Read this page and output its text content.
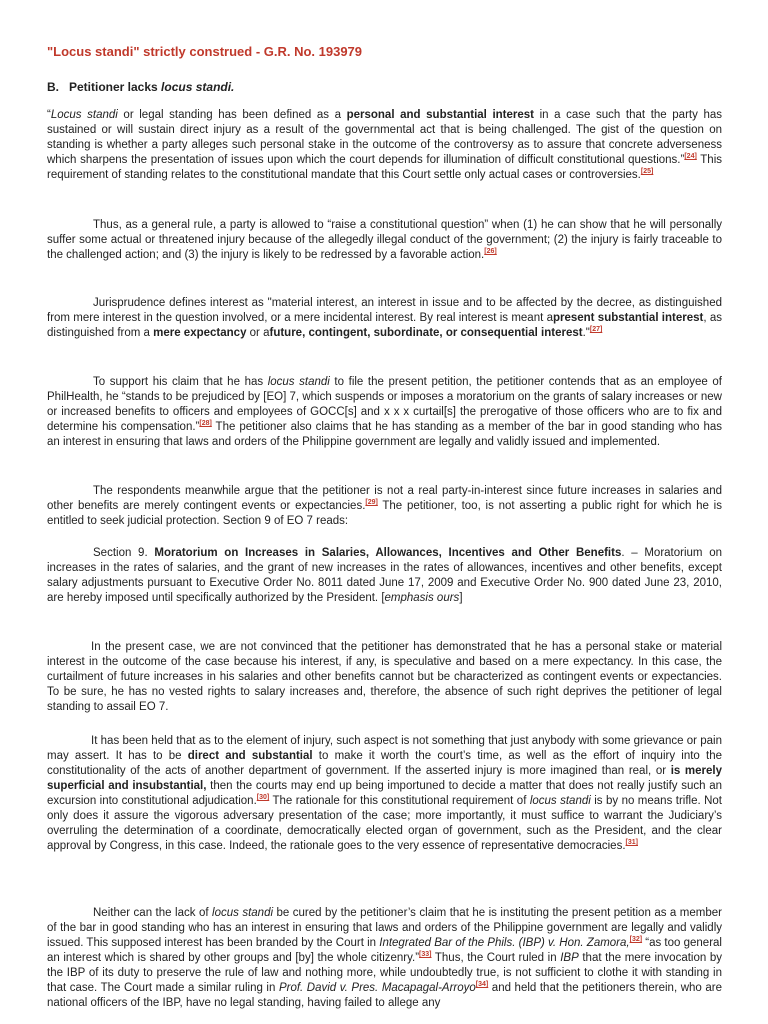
"Locus standi" strictly construed - G.R. No. 193979
B.   Petitioner lacks locus standi.

“Locus standi or legal standing has been defined as a personal and substantial interest in a case such that the party has sustained or will sustain direct injury as a result of the governmental act that is being challenged. The gist of the question on standing is whether a party alleges such personal stake in the outcome of the controversy as to assure that concrete adverseness which sharpens the presentation of issues upon which the court depends for illumination of difficult constitutional questions.”[24] This requirement of standing relates to the constitutional mandate that this Court settle only actual cases or controversies.[25]

Thus, as a general rule, a party is allowed to “raise a constitutional question” when (1) he can show that he will personally suffer some actual or threatened injury because of the allegedly illegal conduct of the government; (2) the injury is fairly traceable to the challenged action; and (3) the injury is likely to be redressed by a favorable action.[26]

Jurisprudence defines interest as "material interest, an interest in issue and to be affected by the decree, as distinguished from mere interest in the question involved, or a mere incidental interest. By real interest is meant apresent substantial interest, as distinguished from a mere expectancy or afuture, contingent, subordinate, or consequential interest."[27]

To support his claim that he has locus standi to file the present petition, the petitioner contends that as an employee of PhilHealth, he “stands to be prejudiced by [EO] 7, which suspends or imposes a moratorium on the grants of salary increases or new or increased benefits to officers and employees of GOCC[s] and x x x curtail[s] the prerogative of those officers who are to fix and determine his compensation.”[28] The petitioner also claims that he has standing as a member of the bar in good standing who has an interest in ensuring that laws and orders of the Philippine government are legally and validly issued and implemented.

The respondents meanwhile argue that the petitioner is not a real party-in-interest since future increases in salaries and other benefits are merely contingent events or expectancies.[29] The petitioner, too, is not asserting a public right for which he is entitled to seek judicial protection. Section 9 of EO 7 reads:

Section 9. Moratorium on Increases in Salaries, Allowances, Incentives and Other Benefits. – Moratorium on increases in the rates of salaries, and the grant of new increases in the rates of allowances, incentives and other benefits, except salary adjustments pursuant to Executive Order No. 8011 dated June 17, 2009 and Executive Order No. 900 dated June 23, 2010, are hereby imposed until specifically authorized by the President. [emphasis ours]

In the present case, we are not convinced that the petitioner has demonstrated that he has a personal stake or material interest in the outcome of the case because his interest, if any, is speculative and based on a mere expectancy. In this case, the curtailment of future increases in his salaries and other benefits cannot but be characterized as contingent events or expectancies. To be sure, he has no vested rights to salary increases and, therefore, the absence of such right deprives the petitioner of legal standing to assail EO 7.

It has been held that as to the element of injury, such aspect is not something that just anybody with some grievance or pain may assert. It has to be direct and substantial to make it worth the court’s time, as well as the effort of inquiry into the constitutionality of the acts of another department of government. If the asserted injury is more imagined than real, or is merely superficial and insubstantial, then the courts may end up being importuned to decide a matter that does not really justify such an excursion into constitutional adjudication.[30] The rationale for this constitutional requirement of locus standi is by no means trifle. Not only does it assure the vigorous adversary presentation of the case; more importantly, it must suffice to warrant the Judiciary’s overruling the determination of a coordinate, democratically elected organ of government, such as the President, and the clear approval by Congress, in this case. Indeed, the rationale goes to the very essence of representative democracies.[31]

Neither can the lack of locus standi be cured by the petitioner’s claim that he is instituting the present petition as a member of the bar in good standing who has an interest in ensuring that laws and orders of the Philippine government are legally and validly issued. This supposed interest has been branded by the Court in Integrated Bar of the Phils. (IBP) v. Hon. Zamora,[32] “as too general an interest which is shared by other groups and [by] the whole citizenry.”[33] Thus, the Court ruled in IBP that the mere invocation by the IBP of its duty to preserve the rule of law and nothing more, while undoubtedly true, is not sufficient to clothe it with standing in that case. The Court made a similar ruling in Prof. David v. Pres. Macapagal-Arroyo[34] and held that the petitioners therein, who are national officers of the IBP, have no legal standing, having failed to allege any
